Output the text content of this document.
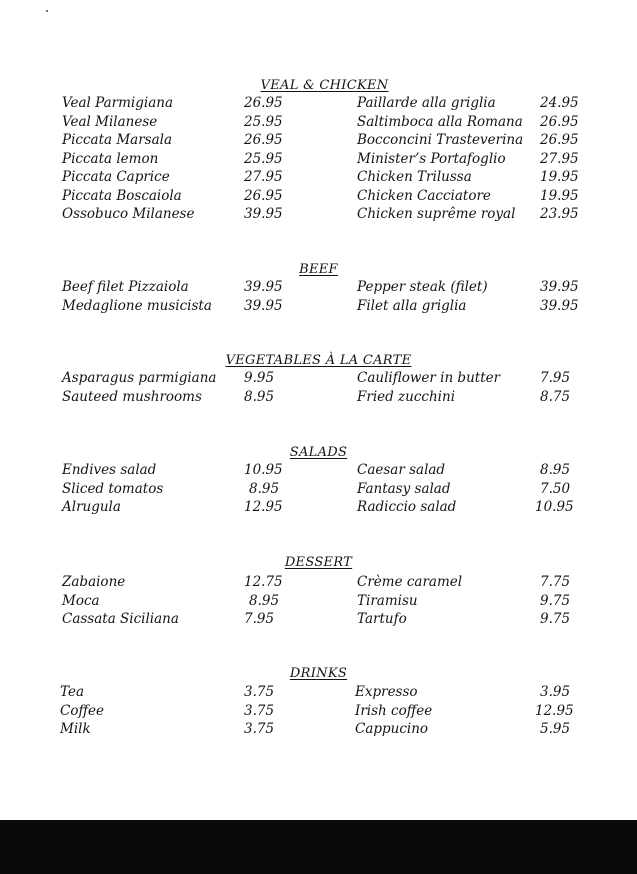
VEAL & CHICKEN
Veal Parmigiana	26.95	Paillarde alla griglia	24.95
Veal Milanese	25.95	Saltimboca alla Romana 26.95
Piccata Marsala	26.95	Bocconcini Trasteverina 26.95
Piccata lemon	25.95	Minister’s Portafoglio	27.95
Piccata Caprice	27.95	Chicken Trilussa	19.95
Piccata Boscaiola	26.95	Chicken Cacciatore	19.95
Ossobuco Milanese	39.95	Chicken suprême royal 23.95
BEEF
Beef filet Pizzaiola	39.95	Pepper steak (filet)	39.95
Medaglione musicista 39.95	Filet alla griglia	39.95
VEGETABLES À LA CARTE
Asparagus parmigiana 9.95	Cauliflower in butter	7.95
Sauteed mushrooms	8.95	Fried zucchini	8.75
SALADS
Endives salad	10.95	Caesar salad	8.95
Sliced tomatos	8.95	Fantasy salad	7.50
Alrugula	12.95	Radiccio salad	10.95
DESSERT
Zabaione	12.75	Crème caramel	7.75
Moca	8.95	Tiramisu	9.75
Cassata Siciliana	7.95	Tartufo	9.75
DRINKS
Tea	3.75	Expresso	3.95
Coffee	3.75	Irish coffee	12.95
Milk	3.75	Cappucino	5.95
